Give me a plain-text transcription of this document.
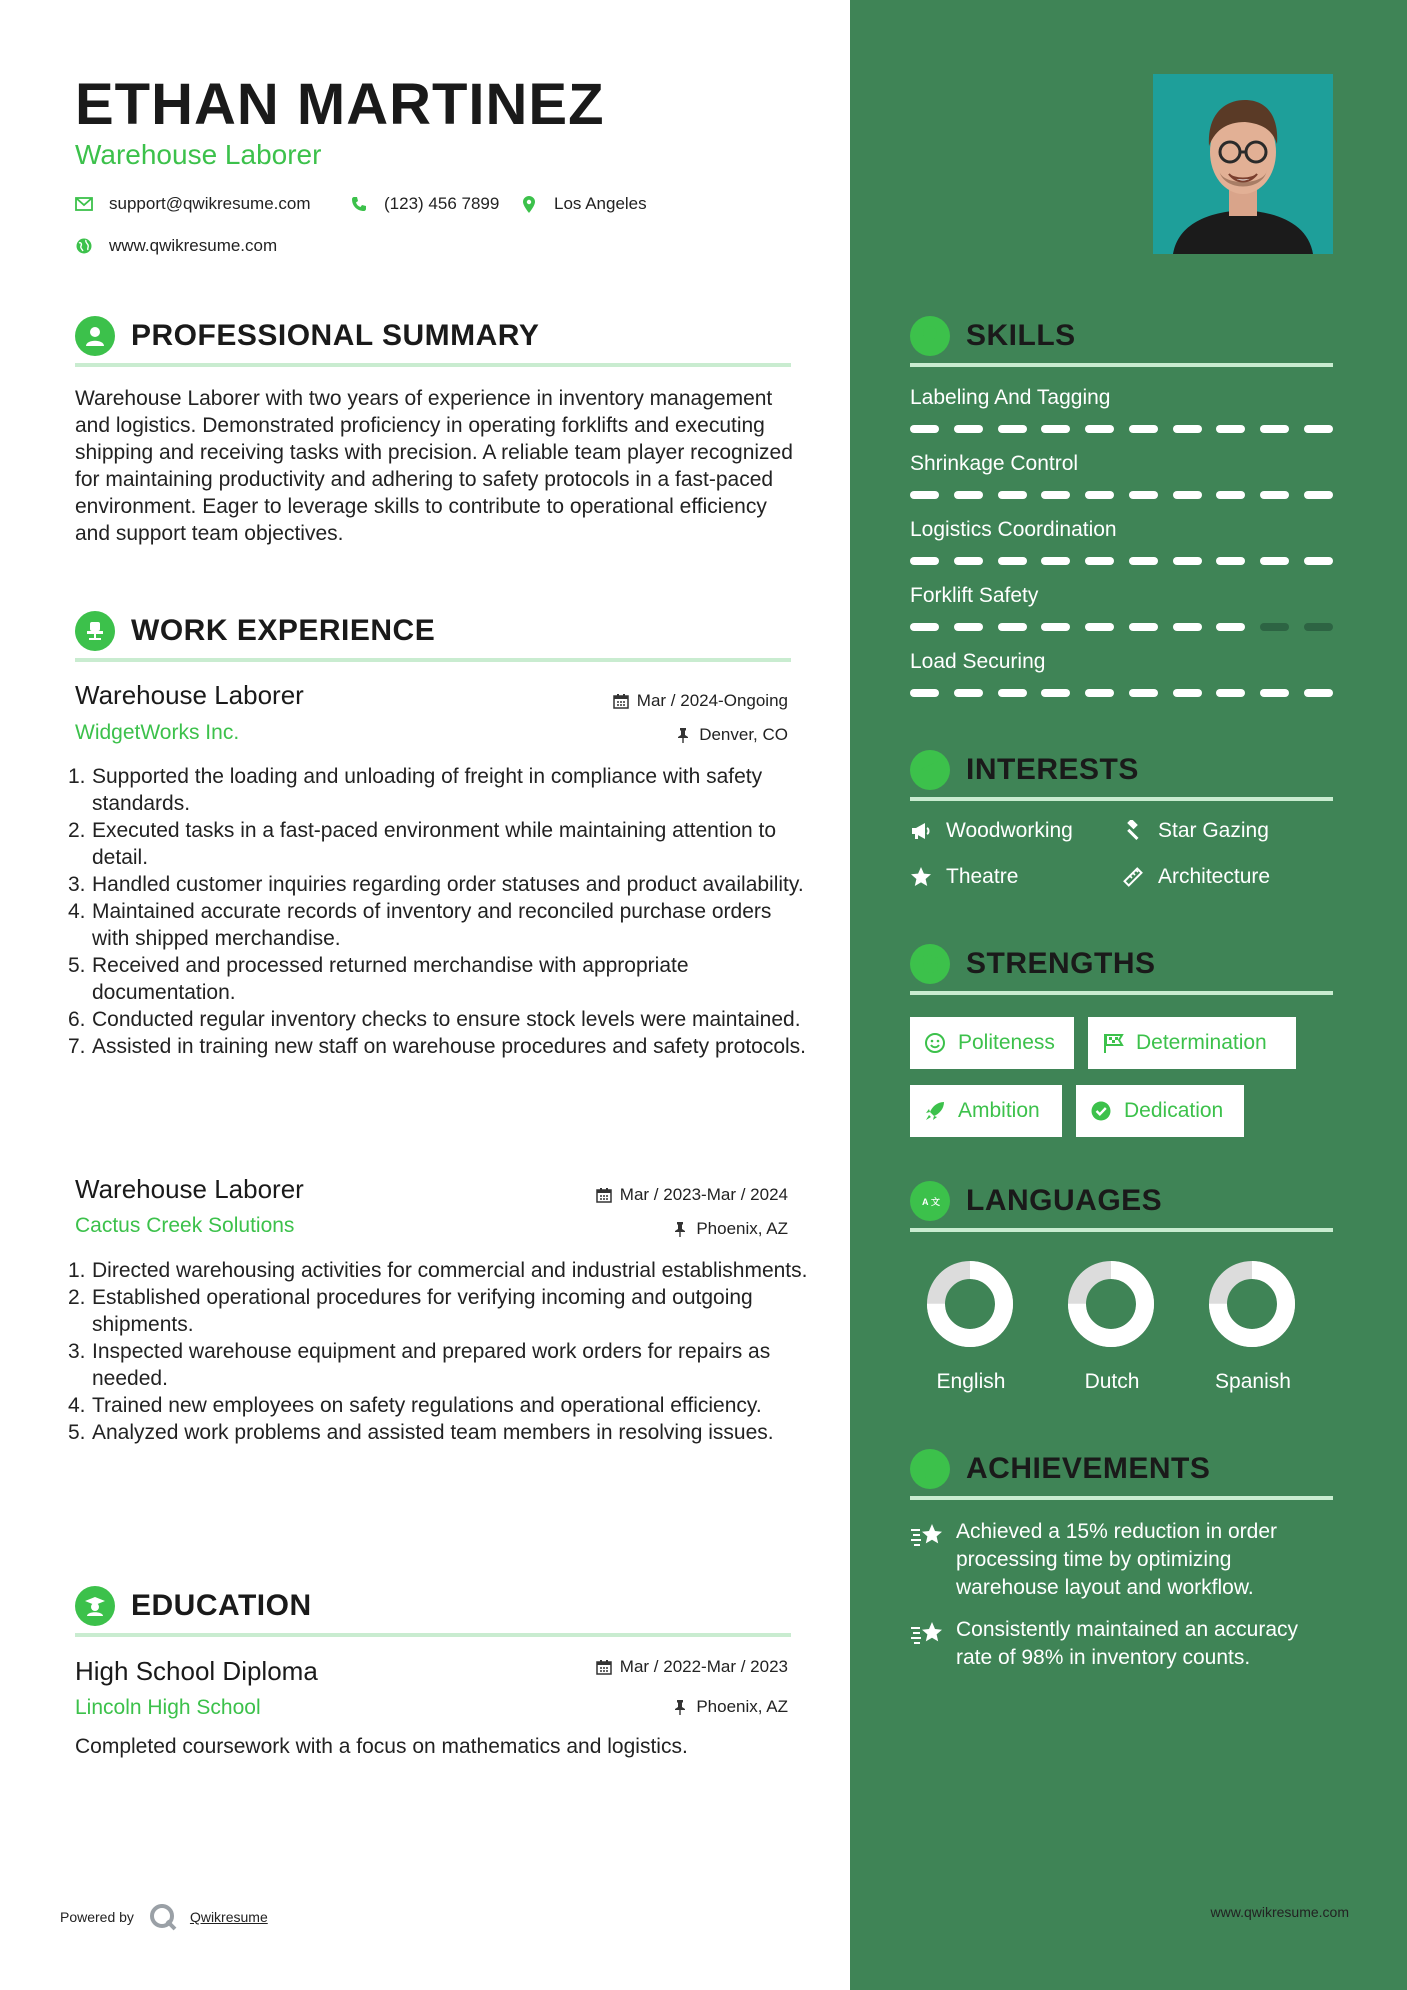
ETHAN MARTINEZ
Warehouse Laborer
support@qwikresume.com	(123) 456 7899	Los Angeles
www.qwikresume.com
PROFESSIONAL SUMMARY

Warehouse Laborer with two years of experience in inventory management and logistics. Demonstrated proficiency in operating forklifts and executing shipping and receiving tasks with precision. A reliable team player recognized for maintaining productivity and adhering to safety protocols in a fast-paced environment. Eager to leverage skills to contribute to operational efficiency and support team objectives.

WORK EXPERIENCE
Warehouse Laborer
WidgetWorks Inc.
Mar / 2024-Ongoing
Denver, CO
1. Supported the loading and unloading of freight in compliance with safety standards.
2. Executed tasks in a fast-paced environment while maintaining attention to detail.
3. Handled customer inquiries regarding order statuses and product availability.
4. Maintained accurate records of inventory and reconciled purchase orders with shipped merchandise.
5. Received and processed returned merchandise with appropriate documentation.
6. Conducted regular inventory checks to ensure stock levels were maintained.
7. Assisted in training new staff on warehouse procedures and safety protocols.
Warehouse Laborer
Cactus Creek Solutions
Mar / 2023-Mar / 2024
Phoenix, AZ
1. Directed warehousing activities for commercial and industrial establishments.
2. Established operational procedures for verifying incoming and outgoing shipments.
3. Inspected warehouse equipment and prepared work orders for repairs as needed.
4. Trained new employees on safety regulations and operational efficiency.
5. Analyzed work problems and assisted team members in resolving issues.
EDUCATION
High School Diploma
Lincoln High School
Mar / 2022-Mar / 2023
Phoenix, AZ

Completed coursework with a focus on mathematics and logistics.

Powered by	Qwikresume	www.qwikresume.com
SKILLS
Labeling And Tagging
Shrinkage Control
Logistics Coordination
Forklift Safety
Load Securing
INTERESTS
Woodworking	Star Gazing
Theatre	Architecture
STRENGTHS
Politeness	Determination
Ambition	Dedication
A 文 LANGUAGES
English	Dutch	Spanish
ACHIEVEMENTS
Achieved a 15% reduction in order processing time by optimizing warehouse layout and workflow.
Consistently maintained an accuracy rate of 98% in inventory counts.
